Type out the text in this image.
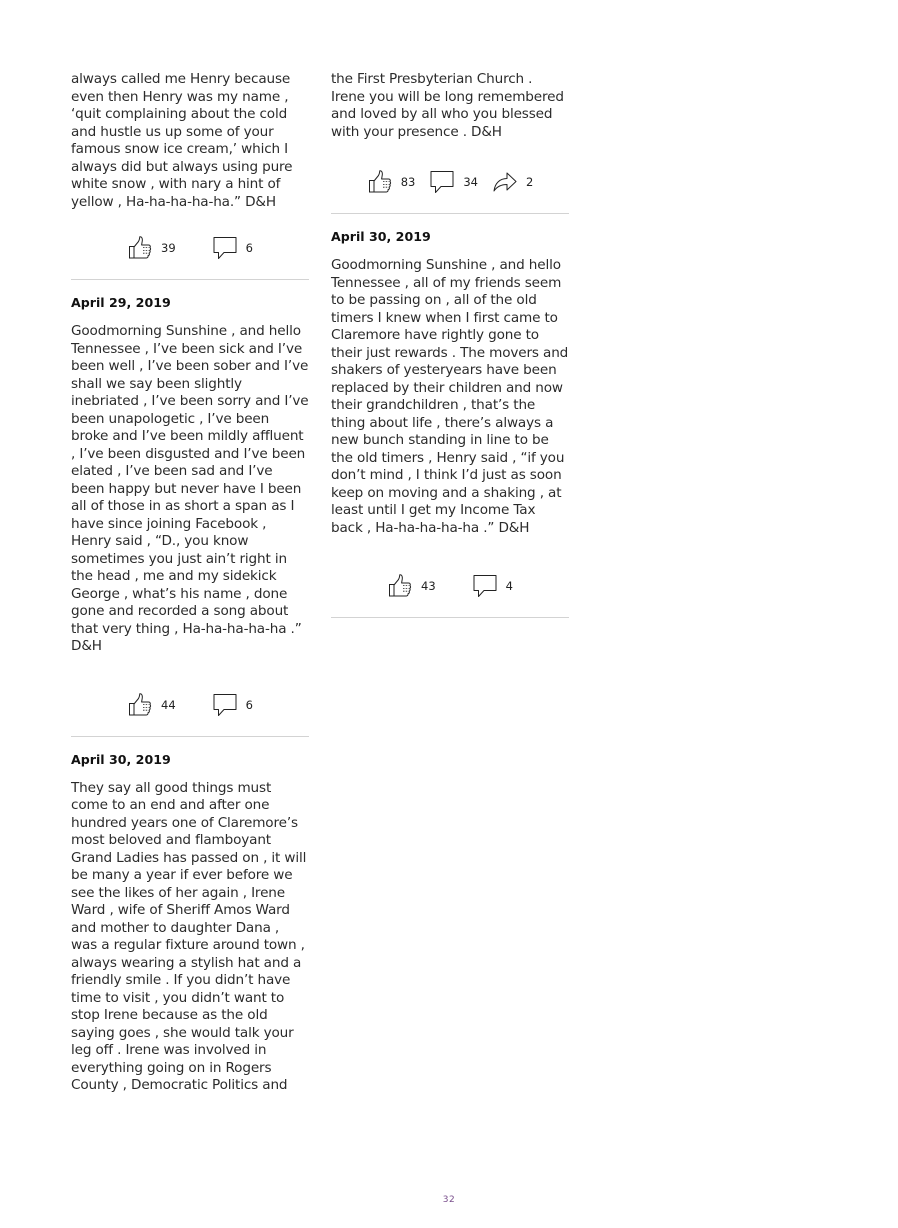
always called me Henry because even then Henry was my name , ‘quit complaining about the cold and hustle us up some of your famous snow ice cream,’ which I always did but always using pure white snow , with nary a hint of yellow , Ha-ha-ha-ha-ha.” D&H

39	6

April 29, 2019

Goodmorning Sunshine , and hello Tennessee , I’ve been sick and I’ve been well , I’ve been sober and I’ve shall we say been slightly inebriated , I’ve been sorry and I’ve been unapologetic , I’ve been broke and I’ve been mildly affluent , I’ve been disgusted and I’ve been elated , I’ve been sad and I’ve been happy but never have I been all of those in as short a span as I have since joining Facebook , Henry said , “D., you know sometimes you just ain’t right in the head , me and my sidekick George , what’s his name , done gone and recorded a song about that very thing , Ha-ha-ha-ha-ha .” D&H

44	6

April 30, 2019

They say all good things must come to an end and after one hundred years one of Claremore’s most beloved and flamboyant Grand Ladies has passed on , it will be many a year if ever before we see the likes of her again , Irene Ward , wife of Sheriff Amos Ward and mother to daughter Dana , was a regular fixture around town , always wearing a stylish hat and a friendly smile . If you didn’t have time to visit , you didn’t want to stop Irene because as the old saying goes , she would talk your leg off . Irene was involved in everything going on in Rogers County , Democratic Politics and

the First Presbyterian Church . Irene you will be long remembered and loved by all who you blessed with your presence . D&H

83	34	2

April 30, 2019

Goodmorning Sunshine , and hello Tennessee , all of my friends seem to be passing on , all of the old timers I knew when I first came to Claremore have rightly gone to their just rewards . The movers and shakers of yesteryears have been replaced by their children and now their grandchildren , that’s the thing about life , there’s always a new bunch standing in line to be the old timers , Henry said , “if you don’t mind , I think I’d just as soon keep on moving and a shaking , at least until I get my Income Tax back , Ha-ha-ha-ha-ha .” D&H

43	4
32
